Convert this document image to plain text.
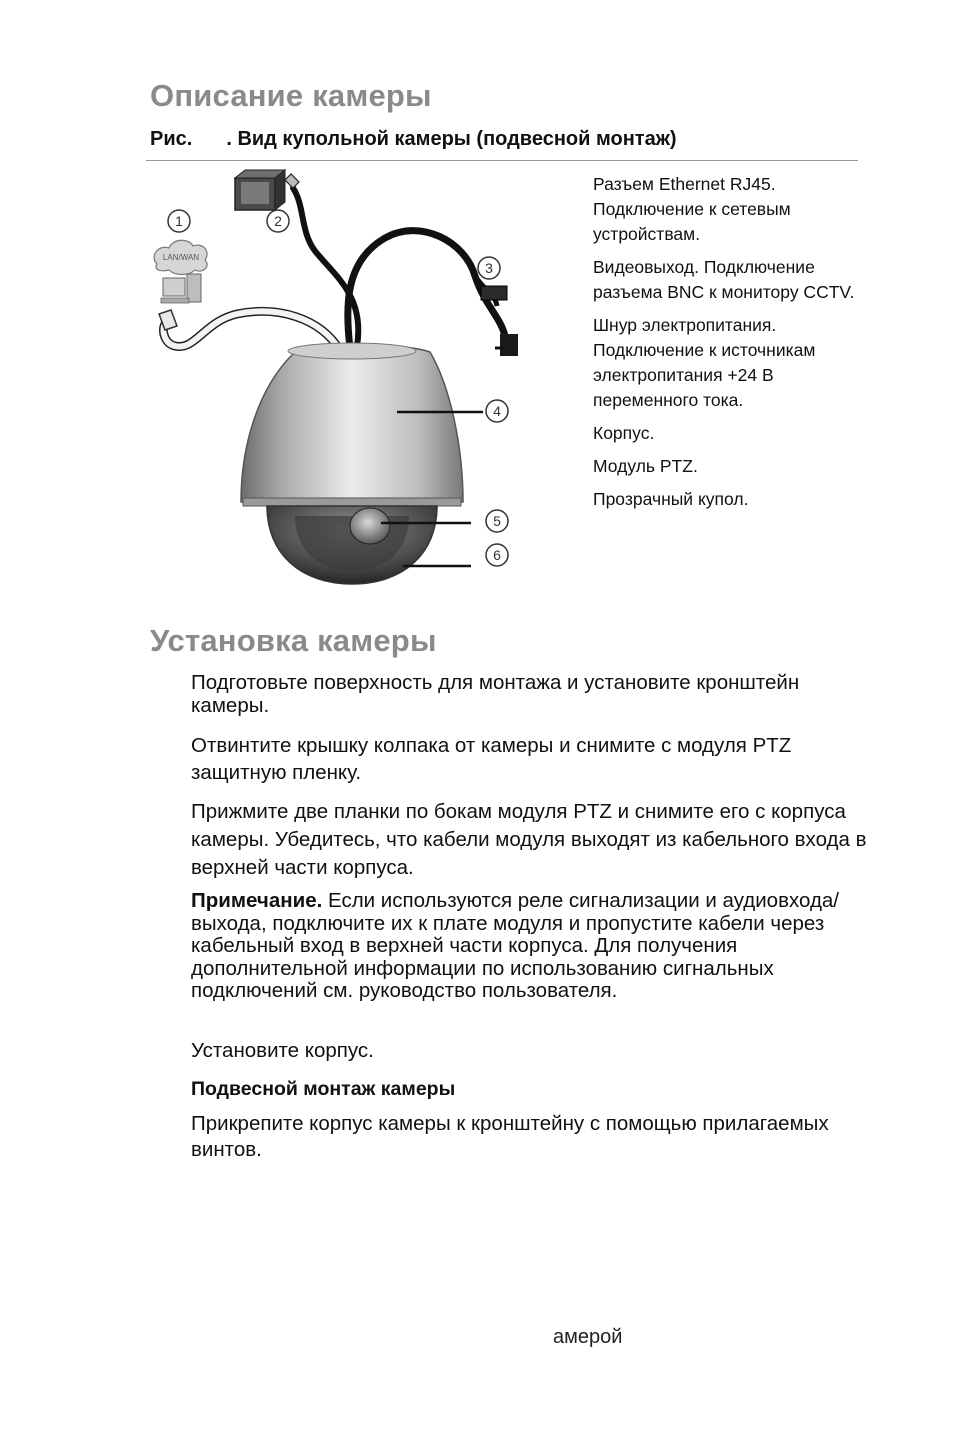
Описание камеры
Рис. . Вид купольной камеры (подвесной монтаж)
LAN/WAN
1	2
3
4
5
6
Разъем Ethernet RJ45. Подключение к сетевым устройствам.
Видеовыход. Подключение разъема BNC к монитору CCTV.
Шнур электропитания. Подключение к источникам электропитания +24 В переменного тока.
Корпус.
Модуль PTZ.
Прозрачный купол.
Установка камеры
Подготовьте поверхность для монтажа и установите кронштейн камеры.
Отвинтите крышку колпака от камеры и снимите с модуля PTZ защитную пленку.
Прижмите две планки по бокам модуля PTZ и снимите его с корпуса камеры. Убедитесь, что кабели модуля выходят из кабельного входа в верхней части корпуса.
Примечание. Если используются реле сигнализации и аудиовхода/выхода, подключите их к плате модуля и пропустите кабели через кабельный вход в верхней части корпуса. Для получения дополнительной информации по использованию сигнальных подключений см. руководство пользователя.
Установите корпус.
Подвесной монтаж камеры
Прикрепите корпус камеры к кронштейну с помощью прилагаемых винтов.
амерой
